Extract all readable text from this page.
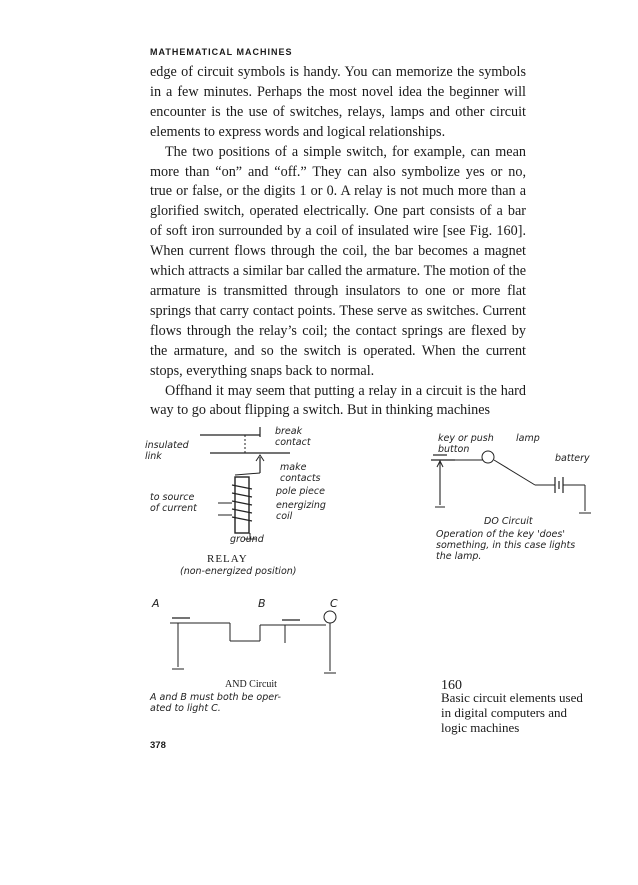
MATHEMATICAL MACHINES

edge of circuit symbols is handy. You can memorize the symbols in a few minutes. Perhaps the most novel idea the beginner will encounter is the use of switches, relays, lamps and other circuit elements to express words and logical relationships.

The two positions of a simple switch, for example, can mean more than “on” and “off.” They can also symbolize yes or no, true or false, or the digits 1 or 0. A relay is not much more than a glorified switch, operated electrically. One part consists of a bar of soft iron surrounded by a coil of insulated wire [see Fig. 160]. When current flows through the coil, the bar becomes a magnet which attracts a similar bar called the armature. The motion of the armature is transmitted through insulators to one or more flat springs that carry contact points. These serve as switches. Current flows through the relay’s coil; the contact springs are flexed by the armature, and so the switch is operated. When the current stops, everything snaps back to normal.

Offhand it may seem that putting a relay in a circuit is the hard way to go about flipping a switch. But in thinking machines

insulated
link
break
contact
make
contacts
pole piece
energizing
coil
to source
of current
ground
RELAY
(non-energized position)
key or push
button
lamp
battery
DO Circuit
Operation of the key 'does'
something, in this case lights
the lamp.
A	B	C
AND Circuit
A and B must both be oper-
ated to light C.
160
Basic circuit elements used in digital computers and logic machines
378
